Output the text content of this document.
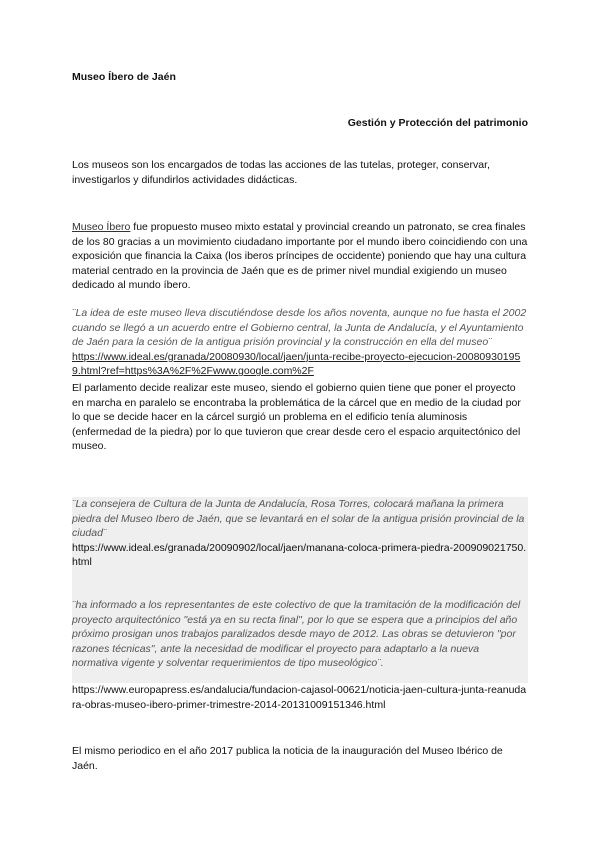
Museo Íbero de Jaén
Gestión y Protección del patrimonio
Los museos son los encargados de todas las acciones de las tutelas, proteger, conservar, investigarlos y difundirlos actividades didácticas.
Museo Íbero fue propuesto museo mixto estatal y provincial creando un patronato, se crea finales de los 80 gracias a un movimiento ciudadano importante por el mundo ibero coincidiendo con una exposición que financia la Caixa (los iberos príncipes de occidente) poniendo que hay una cultura material centrado en la provincia de Jaén que es de primer nivel mundial exigiendo un museo dedicado al mundo íbero.
¨La idea de este museo lleva discutiéndose desde los años noventa, aunque no fue hasta el 2002 cuando se llegó a un acuerdo entre el Gobierno central, la Junta de Andalucía, y el Ayuntamiento de Jaén para la cesión de la antigua prisión provincial y la construcción en ella del museo¨
https://www.ideal.es/granada/20080930/local/jaen/junta-recibe-proyecto-ejecucion-200809301959.html?ref=https%3A%2F%2Fwww.google.com%2F
El parlamento decide realizar este museo, siendo el gobierno quien tiene que poner el proyecto en marcha en paralelo se encontraba la problemática de la cárcel que en medio de la ciudad por lo que se decide hacer en la cárcel surgió un problema en el edificio tenía aluminosis (enfermedad de la piedra) por lo que tuvieron que crear desde cero el espacio arquitectónico del museo.
¨La consejera de Cultura de la Junta de Andalucía, Rosa Torres, colocará mañana la primera piedra del Museo Ibero de Jaén, que se levantará en el solar de la antigua prisión provincial de la ciudad¨
https://www.ideal.es/granada/20090902/local/jaen/manana-coloca-primera-piedra-200909021750.html
¨ha informado a los representantes de este colectivo de que la tramitación de la modificación del proyecto arquitectónico "está ya en su recta final", por lo que se espera que a principios del año próximo prosigan unos trabajos paralizados desde mayo de 2012. Las obras se detuvieron "por razones técnicas", ante la necesidad de modificar el proyecto para adaptarlo a la nueva normativa vigente y solventar requerimientos de tipo museológico¨.
https://www.europapress.es/andalucia/fundacion-cajasol-00621/noticia-jaen-cultura-junta-reanudara-obras-museo-ibero-primer-trimestre-2014-20131009151346.html
El mismo periodico en el año 2017 publica la noticia de la inauguración del Museo Ibérico de Jaén.
